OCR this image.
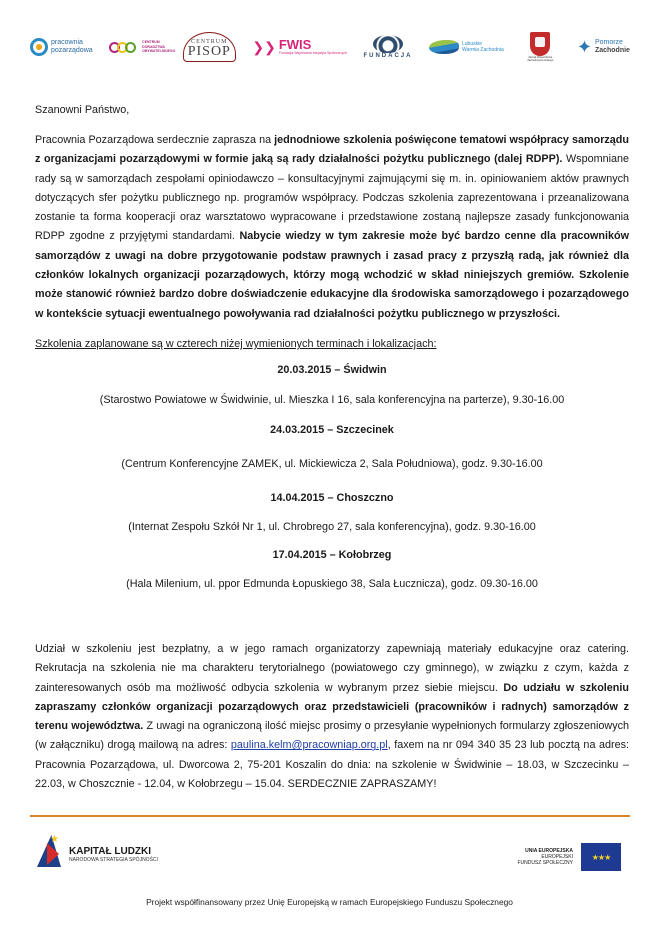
pracownia
pozarządowa
CENTRUM DORADZTWA OBYWATELSKIEGO
CENTRUM
PISOP ❯❯ FWIS
Fundacja Wspierania Inicjatyw Społecznych	FUNDACJA
Lubuskie
Warmia Zachodnia
Zarząd Województwa Zachodniopomorskiego
✦ Pomorze
Zachodnie

Szanowni Państwo,

Pracownia Pozarządowa serdecznie zaprasza na jednodniowe szkolenia poświęcone tematowi współpracy samorządu z organizacjami pozarządowymi w formie jaką są rady działalności pożytku publicznego (dalej RDPP). Wspomniane rady są w samorządach zespołami opiniodawczo – konsultacyjnymi zajmującymi się m. in. opiniowaniem aktów prawnych dotyczących sfer pożytku publicznego np. programów współpracy. Podczas szkolenia zaprezentowana i przeanalizowana zostanie ta forma kooperacji oraz warsztatowo wypracowane i przedstawione zostaną najlepsze zasady funkcjonowania RDPP zgodne z przyjętymi standardami. Nabycie wiedzy w tym zakresie może być bardzo cenne dla pracowników samorządów z uwagi na dobre przygotowanie podstaw prawnych i zasad pracy z przyszłą radą, jak również dla członków lokalnych organizacji pozarządowych, którzy mogą wchodzić w skład niniejszych gremiów. Szkolenie może stanowić również bardzo dobre doświadczenie edukacyjne dla środowiska samorządowego i pozarządowego w kontekście sytuacji ewentualnego powoływania rad działalności pożytku publicznego w przyszłości.

Szkolenia zaplanowane są w czterech niżej wymienionych terminach i lokalizacjach:

20.03.2015 – Świdwin

(Starostwo Powiatowe w Świdwinie, ul. Mieszka I 16, sala konferencyjna na parterze), 9.30-16.00

24.03.2015 – Szczecinek

(Centrum Konferencyjne ZAMEK, ul. Mickiewicza 2, Sala Południowa), godz. 9.30-16.00

14.04.2015 – Choszczno

(Internat Zespołu Szkół Nr 1, ul. Chrobrego 27, sala konferencyjna), godz. 9.30-16.00

17.04.2015 – Kołobrzeg

(Hala Milenium, ul. ppor Edmunda Łopuskiego 38, Sala Łucznicza), godz. 09.30-16.00

Udział w szkoleniu jest bezpłatny, a w jego ramach organizatorzy zapewniają materiały edukacyjne oraz catering. Rekrutacja na szkolenia nie ma charakteru terytorialnego (powiatowego czy gminnego), w związku z czym, każda z zainteresowanych osób ma możliwość odbycia szkolenia w wybranym przez siebie miejscu. Do udziału w szkoleniu zapraszamy członków organizacji pozarządowych oraz przedstawicieli (pracowników i radnych) samorządów z terenu województwa. Z uwagi na ograniczoną ilość miejsc prosimy o przesyłanie wypełnionych formularzy zgłoszeniowych (w załączniku) drogą mailową na adres: paulina.kelm@pracowniap.org.pl, faxem na nr 094 340 35 23 lub pocztą na adres: Pracownia Pozarządowa, ul. Dworcowa 2, 75-201 Koszalin do dnia: na szkolenie w Świdwinie – 18.03, w Szczecinku – 22.03, w Choszcznie - 12.04, w Kołobrzegu – 15.04. SERDECZNIE ZAPRASZAMY!

★
KAPITAŁ LUDZKI
NARODOWA STRATEGIA SPÓJNOŚCI
UNIA EUROPEJSKA
EUROPEJSKI
FUNDUSZ SPOŁECZNY
★★★
Projekt współfinansowany przez Unię Europejską w ramach Europejskiego Funduszu Społecznego
